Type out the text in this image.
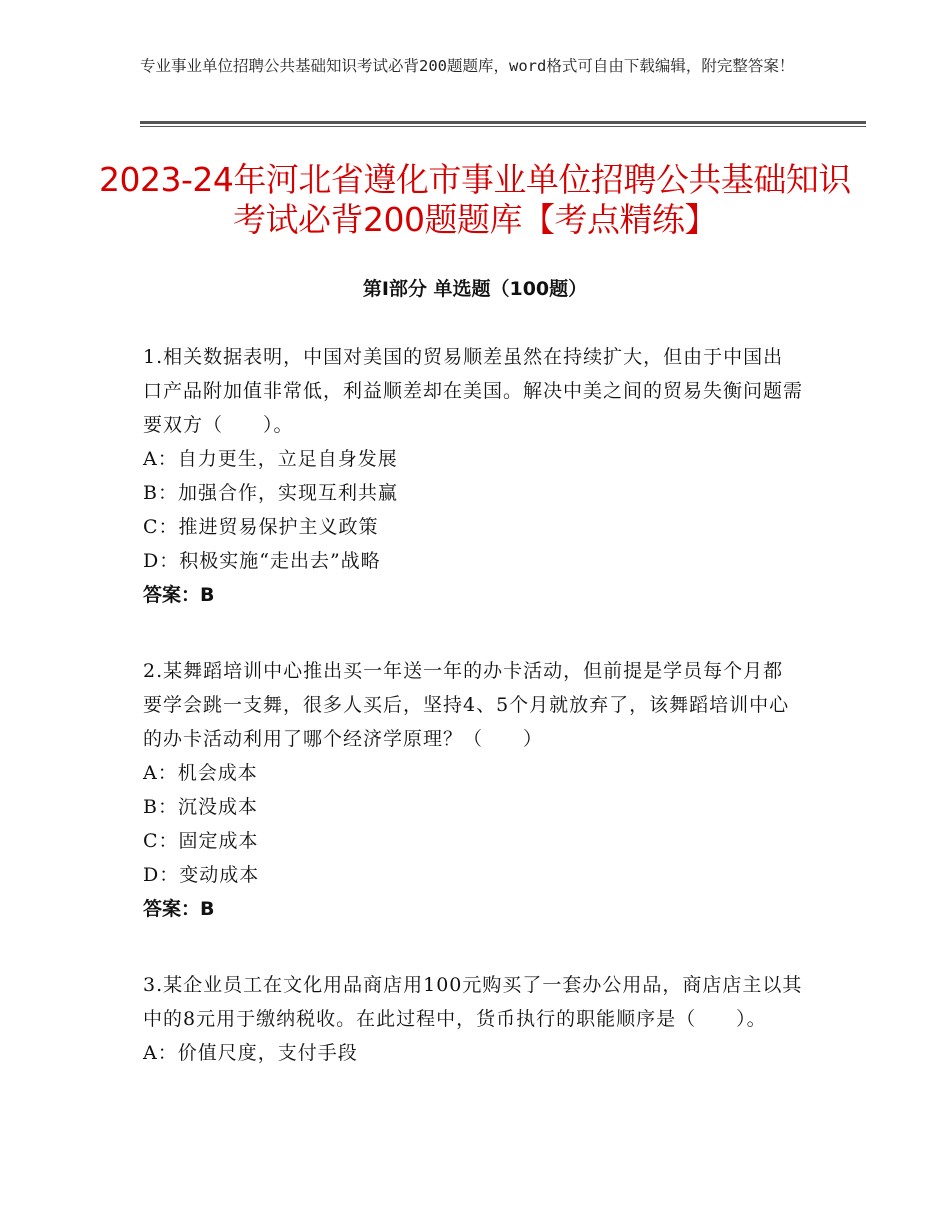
专业事业单位招聘公共基础知识考试必背200题题库，word格式可自由下载编辑，附完整答案！
2023-24年河北省遵化市事业单位招聘公共基础知识考试必背200题题库【考点精练】
第Ⅰ部分 单选题（100题）

1.相关数据表明，中国对美国的贸易顺差虽然在持续扩大，但由于中国出口产品附加值非常低，利益顺差却在美国。解决中美之间的贸易失衡问题需要双方（　　）。

A：自力更生，立足自身发展

B：加强合作，实现互利共赢

C：推进贸易保护主义政策

D：积极实施“走出去”战略

答案：B

2.某舞蹈培训中心推出买一年送一年的办卡活动，但前提是学员每个月都要学会跳一支舞，很多人买后，坚持4、5个月就放弃了，该舞蹈培训中心的办卡活动利用了哪个经济学原理？（　　）

A：机会成本

B：沉没成本

C：固定成本

D：变动成本

答案：B

3.某企业员工在文化用品商店用100元购买了一套办公用品，商店店主以其中的8元用于缴纳税收。在此过程中，货币执行的职能顺序是（　　）。

A：价值尺度，支付手段
